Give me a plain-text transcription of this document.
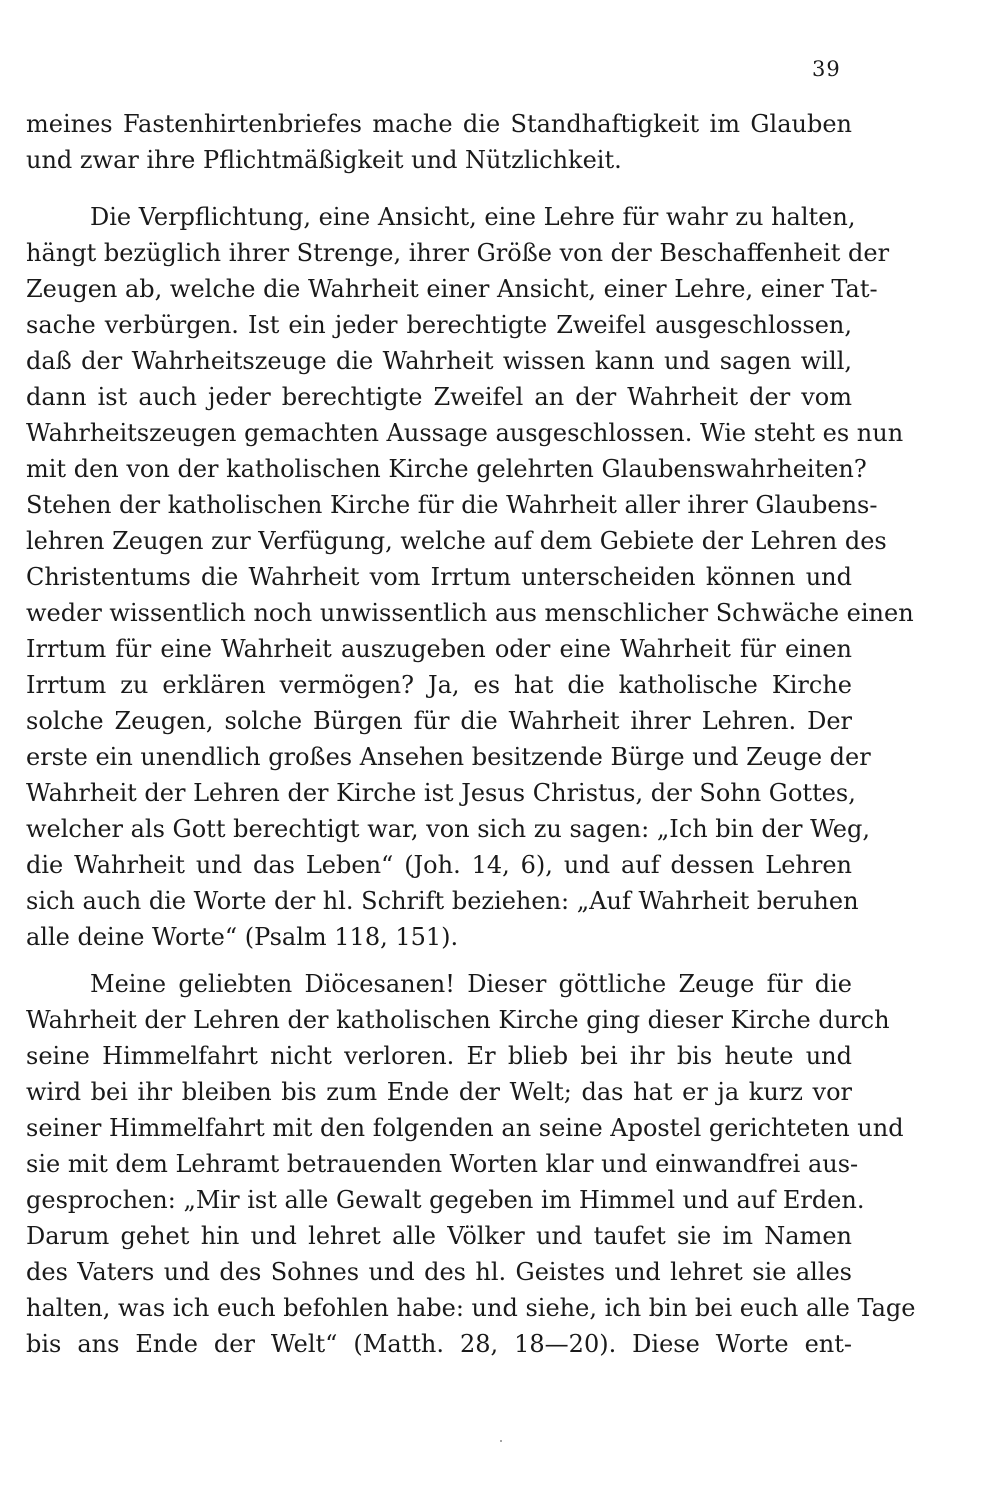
39
meines Fastenhirtenbriefes mache die Standhaftigkeit im Glauben
und zwar ihre Pflichtmäßigkeit und Nützlichkeit.
Die Verpflichtung, eine Ansicht, eine Lehre für wahr zu halten,
hängt bezüglich ihrer Strenge, ihrer Größe von der Beschaffenheit der
Zeugen ab, welche die Wahrheit einer Ansicht, einer Lehre, einer Tat-
sache verbürgen. Ist ein jeder berechtigte Zweifel ausgeschlossen,
daß der Wahrheitszeuge die Wahrheit wissen kann und sagen will,
dann ist auch jeder berechtigte Zweifel an der Wahrheit der vom
Wahrheitszeugen gemachten Aussage ausgeschlossen. Wie steht es nun
mit den von der katholischen Kirche gelehrten Glaubenswahrheiten?
Stehen der katholischen Kirche für die Wahrheit aller ihrer Glaubens-
lehren Zeugen zur Verfügung, welche auf dem Gebiete der Lehren des
Christentums die Wahrheit vom Irrtum unterscheiden können und
weder wissentlich noch unwissentlich aus menschlicher Schwäche einen
Irrtum für eine Wahrheit auszugeben oder eine Wahrheit für einen
Irrtum zu erklären vermögen? Ja, es hat die katholische Kirche
solche Zeugen, solche Bürgen für die Wahrheit ihrer Lehren. Der
erste ein unendlich großes Ansehen besitzende Bürge und Zeuge der
Wahrheit der Lehren der Kirche ist Jesus Christus, der Sohn Gottes,
welcher als Gott berechtigt war, von sich zu sagen: „Ich bin der Weg,
die Wahrheit und das Leben“ (Joh. 14, 6), und auf dessen Lehren
sich auch die Worte der hl. Schrift beziehen: „Auf Wahrheit beruhen
alle deine Worte“ (Psalm 118, 151).
Meine geliebten Diöcesanen! Dieser göttliche Zeuge für die
Wahrheit der Lehren der katholischen Kirche ging dieser Kirche durch
seine Himmelfahrt nicht verloren. Er blieb bei ihr bis heute und
wird bei ihr bleiben bis zum Ende der Welt; das hat er ja kurz vor
seiner Himmelfahrt mit den folgenden an seine Apostel gerichteten und
sie mit dem Lehramt betrauenden Worten klar und einwandfrei aus-
gesprochen: „Mir ist alle Gewalt gegeben im Himmel und auf Erden.
Darum gehet hin und lehret alle Völker und taufet sie im Namen
des Vaters und des Sohnes und des hl. Geistes und lehret sie alles
halten, was ich euch befohlen habe: und siehe, ich bin bei euch alle Tage
bis ans Ende der Welt“ (Matth. 28, 18—20). Diese Worte ent-
